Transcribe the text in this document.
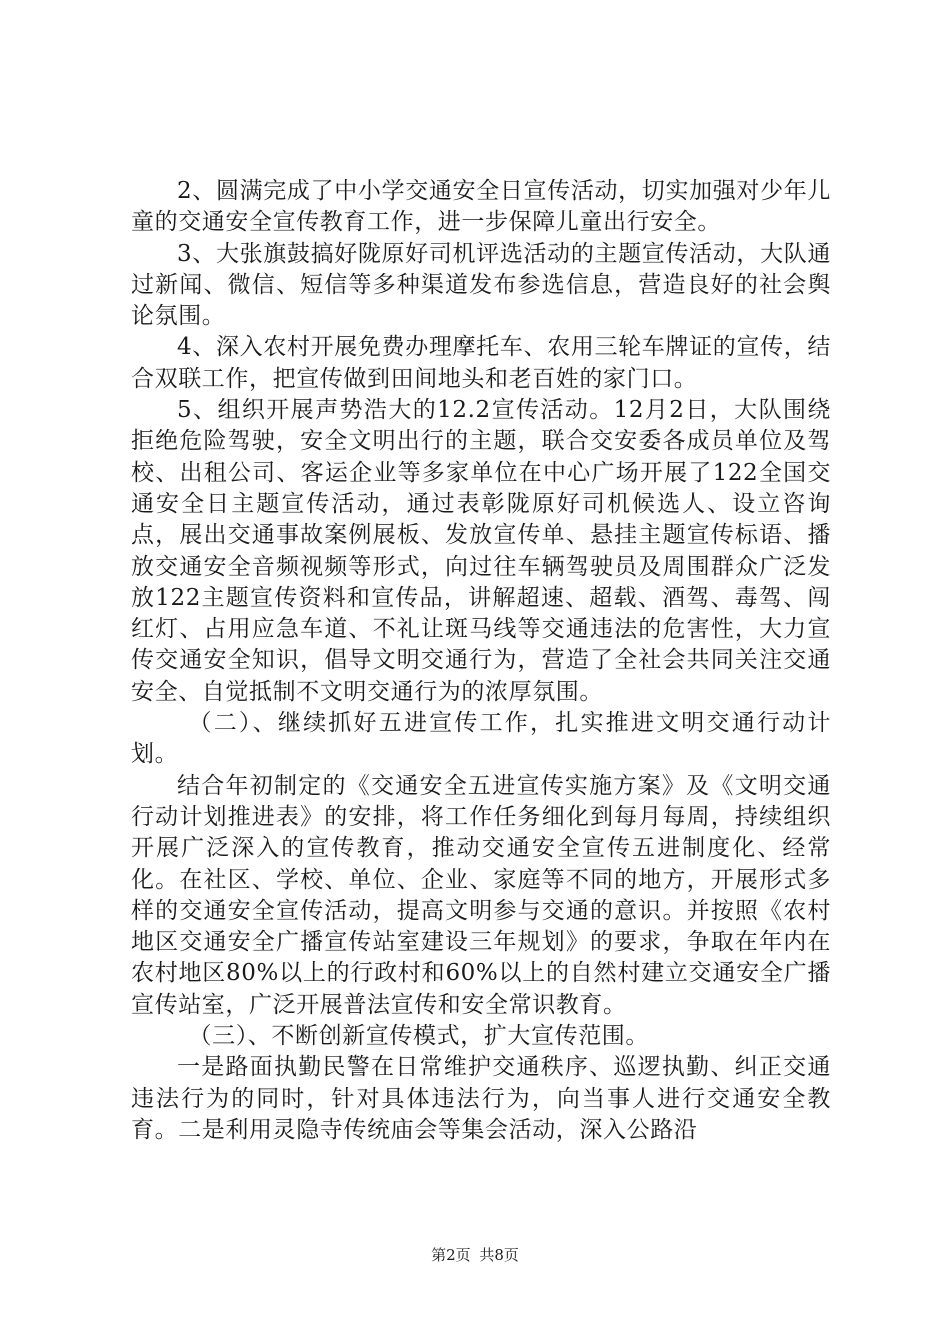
2、圆满完成了中小学交通安全日宣传活动，切实加强对少年儿童的交通安全宣传教育工作，进一步保障儿童出行安全。

3、大张旗鼓搞好陇原好司机评选活动的主题宣传活动，大队通过新闻、微信、短信等多种渠道发布参选信息，营造良好的社会舆论氛围。

4、深入农村开展免费办理摩托车、农用三轮车牌证的宣传，结合双联工作，把宣传做到田间地头和老百姓的家门口。

5、组织开展声势浩大的12.2宣传活动。12月2日，大队围绕拒绝危险驾驶，安全文明出行的主题，联合交安委各成员单位及驾校、出租公司、客运企业等多家单位在中心广场开展了122全国交通安全日主题宣传活动，通过表彰陇原好司机候选人、设立咨询点，展出交通事故案例展板、发放宣传单、悬挂主题宣传标语、播放交通安全音频视频等形式，向过往车辆驾驶员及周围群众广泛发放122主题宣传资料和宣传品，讲解超速、超载、酒驾、毒驾、闯红灯、占用应急车道、不礼让斑马线等交通违法的危害性，大力宣传交通安全知识，倡导文明交通行为，营造了全社会共同关注交通安全、自觉抵制不文明交通行为的浓厚氛围。

（二）、继续抓好五进宣传工作，扎实推进文明交通行动计划。

结合年初制定的《交通安全五进宣传实施方案》及《文明交通行动计划推进表》的安排，将工作任务细化到每月每周，持续组织开展广泛深入的宣传教育，推动交通安全宣传五进制度化、经常化。在社区、学校、单位、企业、家庭等不同的地方，开展形式多样的交通安全宣传活动，提高文明参与交通的意识。并按照《农村地区交通安全广播宣传站室建设三年规划》的要求，争取在年内在农村地区80%以上的行政村和60%以上的自然村建立交通安全广播宣传站室，广泛开展普法宣传和安全常识教育。

（三）、不断创新宣传模式，扩大宣传范围。

一是路面执勤民警在日常维护交通秩序、巡逻执勤、纠正交通违法行为的同时，针对具体违法行为，向当事人进行交通安全教育。二是利用灵隐寺传统庙会等集会活动，深入公路沿

第2页 共8页
